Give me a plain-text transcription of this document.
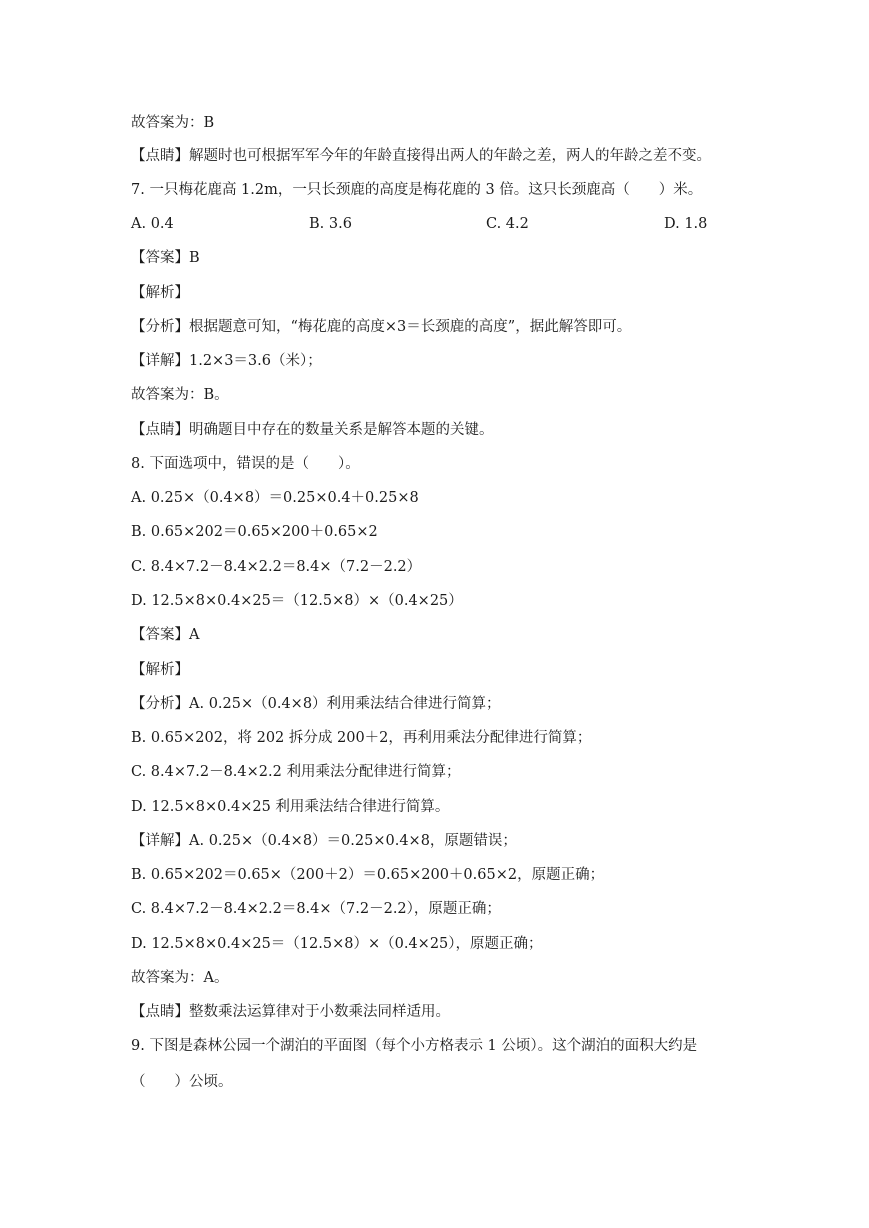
故答案为：B
【点睛】解题时也可根据军军今年的年龄直接得出两人的年龄之差，两人的年龄之差不变。
7. 一只梅花鹿高 1.2m，一只长颈鹿的高度是梅花鹿的 3 倍。这只长颈鹿高（　　）米。
A. 0.4	B. 3.6	C. 4.2	D. 1.8
【答案】B
【解析】
【分析】根据题意可知，“梅花鹿的高度×3＝长颈鹿的高度”，据此解答即可。
【详解】1.2×3＝3.6（米）；
故答案为：B。
【点睛】明确题目中存在的数量关系是解答本题的关键。
8. 下面选项中，错误的是（　　）。
A. 0.25×（0.4×8）＝0.25×0.4＋0.25×8
B. 0.65×202＝0.65×200＋0.65×2
C. 8.4×7.2－8.4×2.2＝8.4×（7.2－2.2）
D. 12.5×8×0.4×25＝（12.5×8）×（0.4×25）
【答案】A
【解析】
【分析】A. 0.25×（0.4×8）利用乘法结合律进行简算；
B. 0.65×202，将 202 拆分成 200＋2，再利用乘法分配律进行简算；
C. 8.4×7.2－8.4×2.2 利用乘法分配律进行简算；
D. 12.5×8×0.4×25 利用乘法结合律进行简算。
【详解】A. 0.25×（0.4×8）＝0.25×0.4×8，原题错误；
B. 0.65×202＝0.65×（200＋2）＝0.65×200＋0.65×2，原题正确；
C. 8.4×7.2－8.4×2.2＝8.4×（7.2－2.2），原题正确；
D. 12.5×8×0.4×25＝（12.5×8）×（0.4×25），原题正确；
故答案为：A。
【点睛】整数乘法运算律对于小数乘法同样适用。
9. 下图是森林公园一个湖泊的平面图（每个小方格表示 1 公顷）。这个湖泊的面积大约是
（　　）公顷。
